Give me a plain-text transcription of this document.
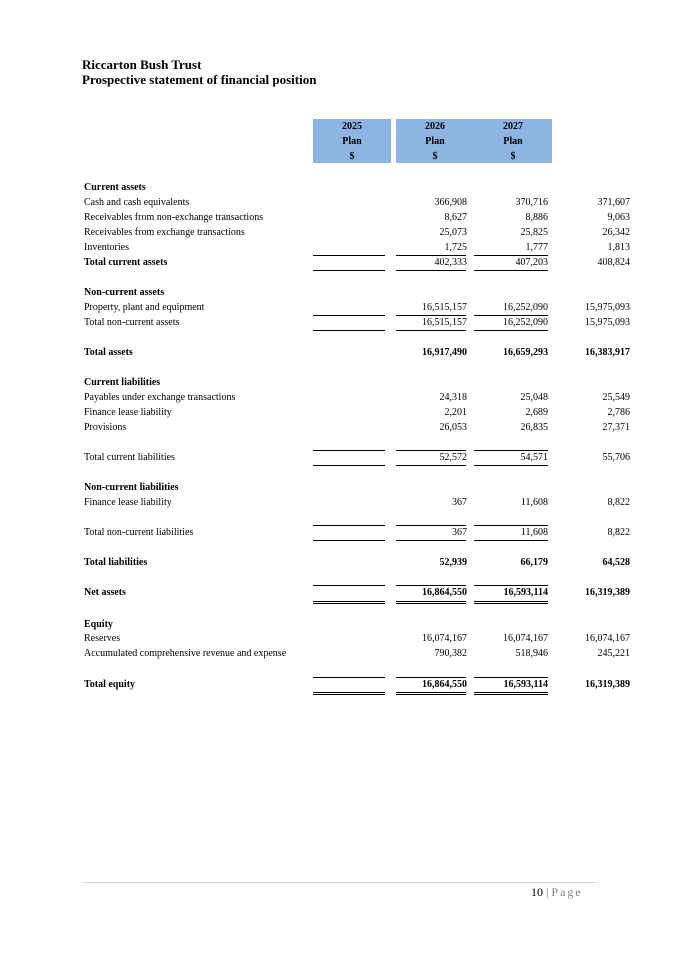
Riccarton Bush Trust
Prospective statement of financial position
2025
Plan
$
2026
Plan
$
2027
Plan
$
Current assets
Cash and cash equivalents	366,908	370,716	371,607
Receivables from non-exchange transactions	8,627	8,886	9,063
Receivables from exchange transactions	25,073	25,825	26,342
Inventories	1,725	1,777	1,813
Total current assets	402,333	407,203	408,824
Non-current assets
Property, plant and equipment	16,515,157	16,252,090	15,975,093
Total non-current assets	16,515,157	16,252,090	15,975,093
Total assets	16,917,490	16,659,293	16,383,917
Current liabilities
Payables under exchange transactions	24,318	25,048	25,549
Finance lease liability	2,201	2,689	2,786
Provisions	26,053	26,835	27,371
Total current liabilities	52,572	54,571	55,706
Non-current liabilities
Finance lease liability	367	11,608	8,822
Total non-current liabilities	367	11,608	8,822
Total liabilities	52,939	66,179	64,528
Net assets	16,864,550	16,593,114	16,319,389
Equity
Reserves	16,074,167	16,074,167	16,074,167
Accumulated comprehensive revenue and expense	790,382	518,946	245,221
Total equity	16,864,550	16,593,114	16,319,389
10 | Page
